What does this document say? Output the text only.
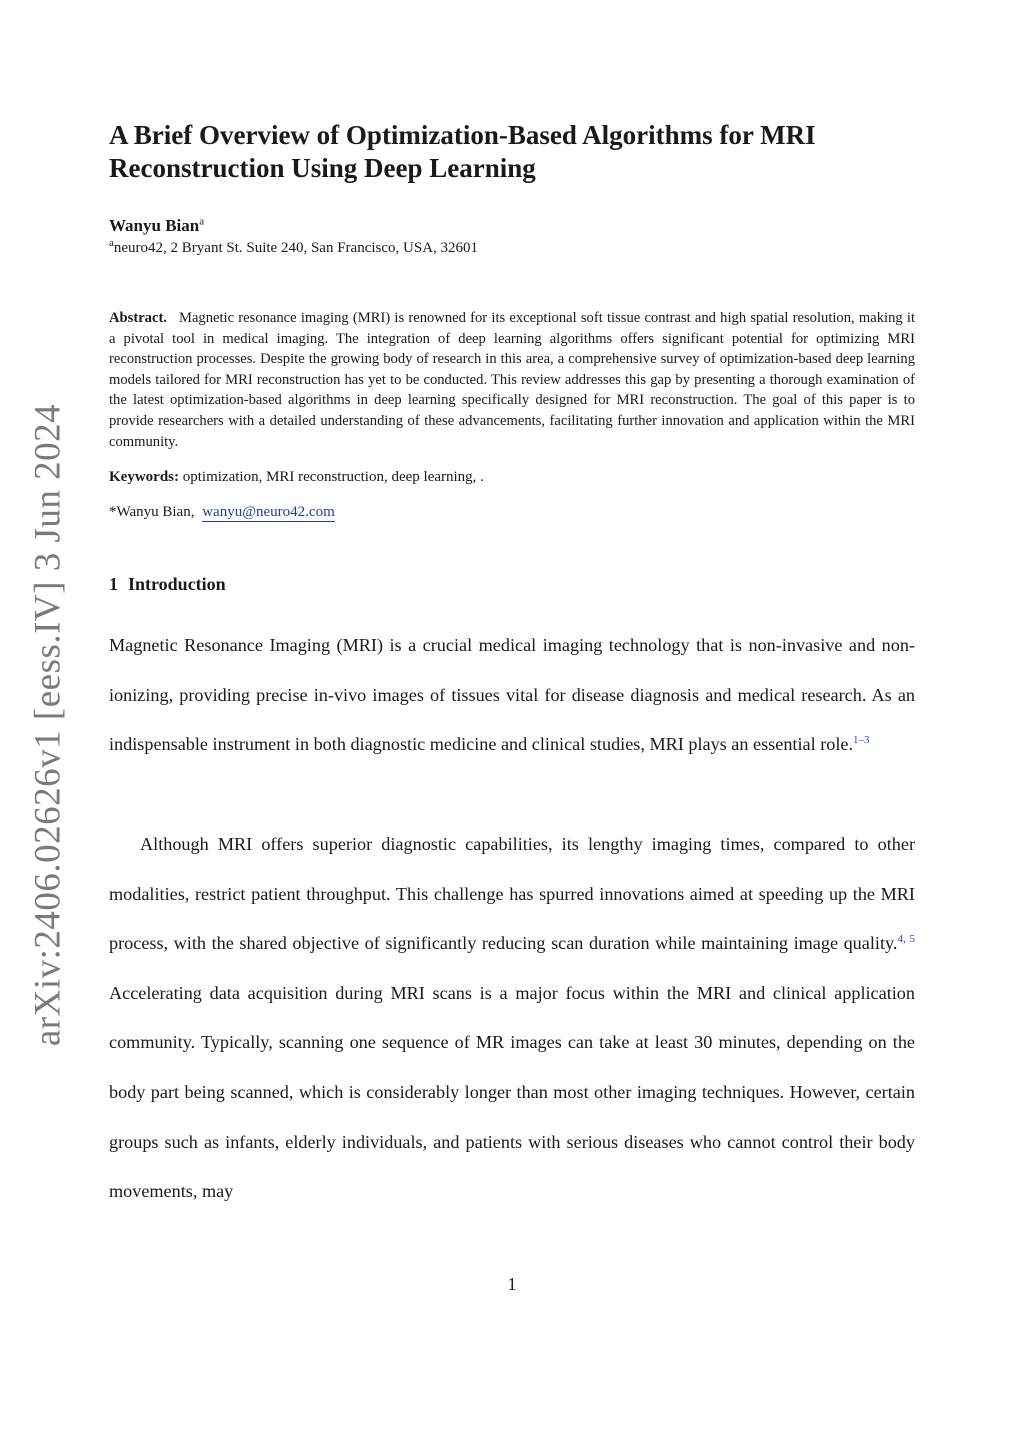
arXiv:2406.02626v1 [eess.IV] 3 Jun 2024
A Brief Overview of Optimization-Based Algorithms for MRI
Reconstruction Using Deep Learning

Wanyu Bian$^a$

$^a$neuro42, 2 Bryant St. Suite 240, San Francisco, USA, 32601

Abstract. Magnetic resonance imaging (MRI) is renowned for its exceptional soft tissue contrast and high spatial resolution, making it a pivotal tool in medical imaging. The integration of deep learning algorithms offers significant potential for optimizing MRI reconstruction processes. Despite the growing body of research in this area, a comprehensive survey of optimization-based deep learning models tailored for MRI reconstruction has yet to be conducted. This review addresses this gap by presenting a thorough examination of the latest optimization-based algorithms in deep learning specifically designed for MRI reconstruction. The goal of this paper is to provide researchers with a detailed understanding of these advancements, facilitating further innovation and application within the MRI community.

Keywords: optimization, MRI reconstruction, deep learning, .

*Wanyu Bian, wanyu@neuro42.com

1 Introduction

Magnetic Resonance Imaging (MRI) is a crucial medical imaging technology that is non-invasive and non-ionizing, providing precise in-vivo images of tissues vital for disease diagnosis and medical research. As an indispensable instrument in both diagnostic medicine and clinical studies, MRI plays an essential role.$^{1-3}$

Although MRI offers superior diagnostic capabilities, its lengthy imaging times, compared to other modalities, restrict patient throughput. This challenge has spurred innovations aimed at speeding up the MRI process, with the shared objective of significantly reducing scan duration while maintaining image quality.$^{4, 5}$ Accelerating data acquisition during MRI scans is a major focus within the MRI and clinical application community. Typically, scanning one sequence of MR images can take at least 30 minutes, depending on the body part being scanned, which is considerably longer than most other imaging techniques. However, certain groups such as infants, elderly individuals, and patients with serious diseases who cannot control their body movements, may

1
